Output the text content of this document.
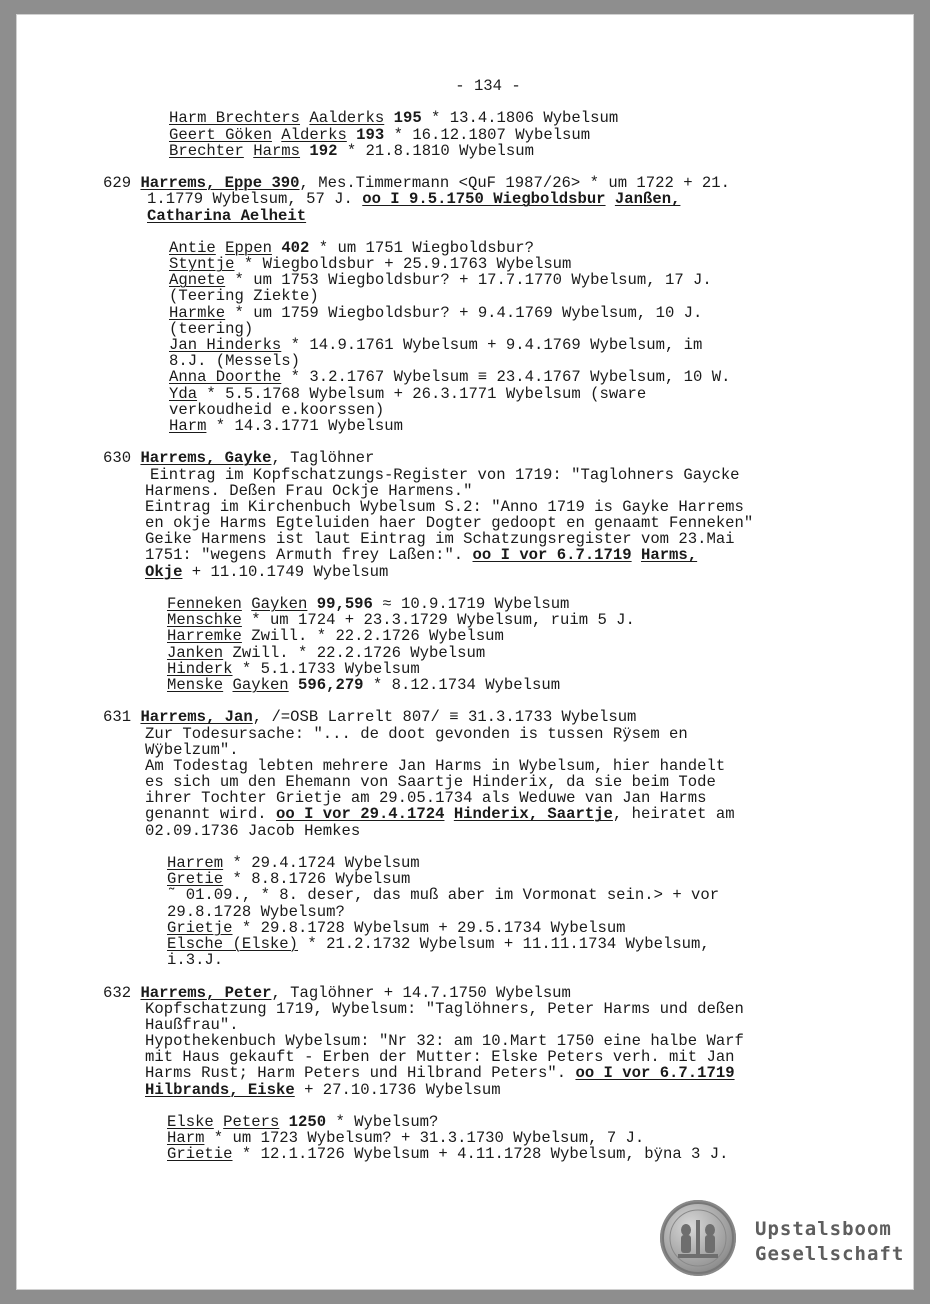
- 134 -
Harm Brechters Aalderks 195 * 13.4.1806 Wybelsum
Geert Göken Alderks 193 * 16.12.1807 Wybelsum
Brechter Harms 192 * 21.8.1810 Wybelsum
629 Harrems, Eppe 390, Mes.Timmermann <QuF 1987/26> * um 1722 + 21.
1.1779 Wybelsum, 57 J. oo I 9.5.1750 Wiegboldsbur Janßen,
Catharina Aelheit
Antie Eppen 402 * um 1751 Wiegboldsbur?
Styntje * Wiegboldsbur + 25.9.1763 Wybelsum
Agnete * um 1753 Wiegboldsbur? + 17.7.1770 Wybelsum, 17 J.
(Teering Ziekte)
Harmke * um 1759 Wiegboldsbur? + 9.4.1769 Wybelsum, 10 J.
(teering)
Jan Hinderks * 14.9.1761 Wybelsum + 9.4.1769 Wybelsum, im
8.J. (Messels)
Anna Doorthe * 3.2.1767 Wybelsum ≡ 23.4.1767 Wybelsum, 10 W.
Yda * 5.5.1768 Wybelsum + 26.3.1771 Wybelsum (sware
verkoudheid e.koorssen)
Harm * 14.3.1771 Wybelsum
630 Harrems, Gayke, Taglöhner
Eintrag im Kopfschatzungs-Register von 1719: "Taglohners Gaycke
Harmens. Deßen Frau Ockje Harmens."
Eintrag im Kirchenbuch Wybelsum S.2: "Anno 1719 is Gayke Harrems
en okje Harms Egteluiden haer Dogter gedoopt en genaamt Fenneken"
Geike Harmens ist laut Eintrag im Schatzungsregister vom 23.Mai
1751: "wegens Armuth frey Laßen:". oo I vor 6.7.1719 Harms,
Okje + 11.10.1749 Wybelsum
Fenneken Gayken 99,596 ≈ 10.9.1719 Wybelsum
Menschke * um 1724 + 23.3.1729 Wybelsum, ruim 5 J.
Harremke Zwill. * 22.2.1726 Wybelsum
Janken Zwill. * 22.2.1726 Wybelsum
Hinderk * 5.1.1733 Wybelsum
Menske Gayken 596,279 * 8.12.1734 Wybelsum
631 Harrems, Jan, /=OSB Larrelt 807/ ≡ 31.3.1733 Wybelsum
Zur Todesursache: "... de doot gevonden is tussen Rÿsem en
Wÿbelzum".
Am Todestag lebten mehrere Jan Harms in Wybelsum, hier handelt
es sich um den Ehemann von Saartje Hinderix, da sie beim Tode
ihrer Tochter Grietje am 29.05.1734 als Weduwe van Jan Harms
genannt wird. oo I vor 29.4.1724 Hinderix, Saartje, heiratet am
02.09.1736 Jacob Hemkes
Harrem * 29.4.1724 Wybelsum
Gretie * 8.8.1726 Wybelsum
˜ 01.09., * 8. deser, das muß aber im Vormonat sein.> + vor
29.8.1728 Wybelsum?
Grietje * 29.8.1728 Wybelsum + 29.5.1734 Wybelsum
Elsche (Elske) * 21.2.1732 Wybelsum + 11.11.1734 Wybelsum,
i.3.J.
632 Harrems, Peter, Taglöhner + 14.7.1750 Wybelsum
Kopfschatzung 1719, Wybelsum: "Taglöhners, Peter Harms und deßen
Haußfrau".
Hypothekenbuch Wybelsum: "Nr 32: am 10.Mart 1750 eine halbe Warf
mit Haus gekauft - Erben der Mutter: Elske Peters verh. mit Jan
Harms Rust; Harm Peters und Hilbrand Peters". oo I vor 6.7.1719
Hilbrands, Eiske + 27.10.1736 Wybelsum
Elske Peters 1250 * Wybelsum?
Harm * um 1723 Wybelsum? + 31.3.1730 Wybelsum, 7 J.
Grietie * 12.1.1726 Wybelsum + 4.11.1728 Wybelsum, bÿna 3 J.
Upstalsboom
Gesellschaft
